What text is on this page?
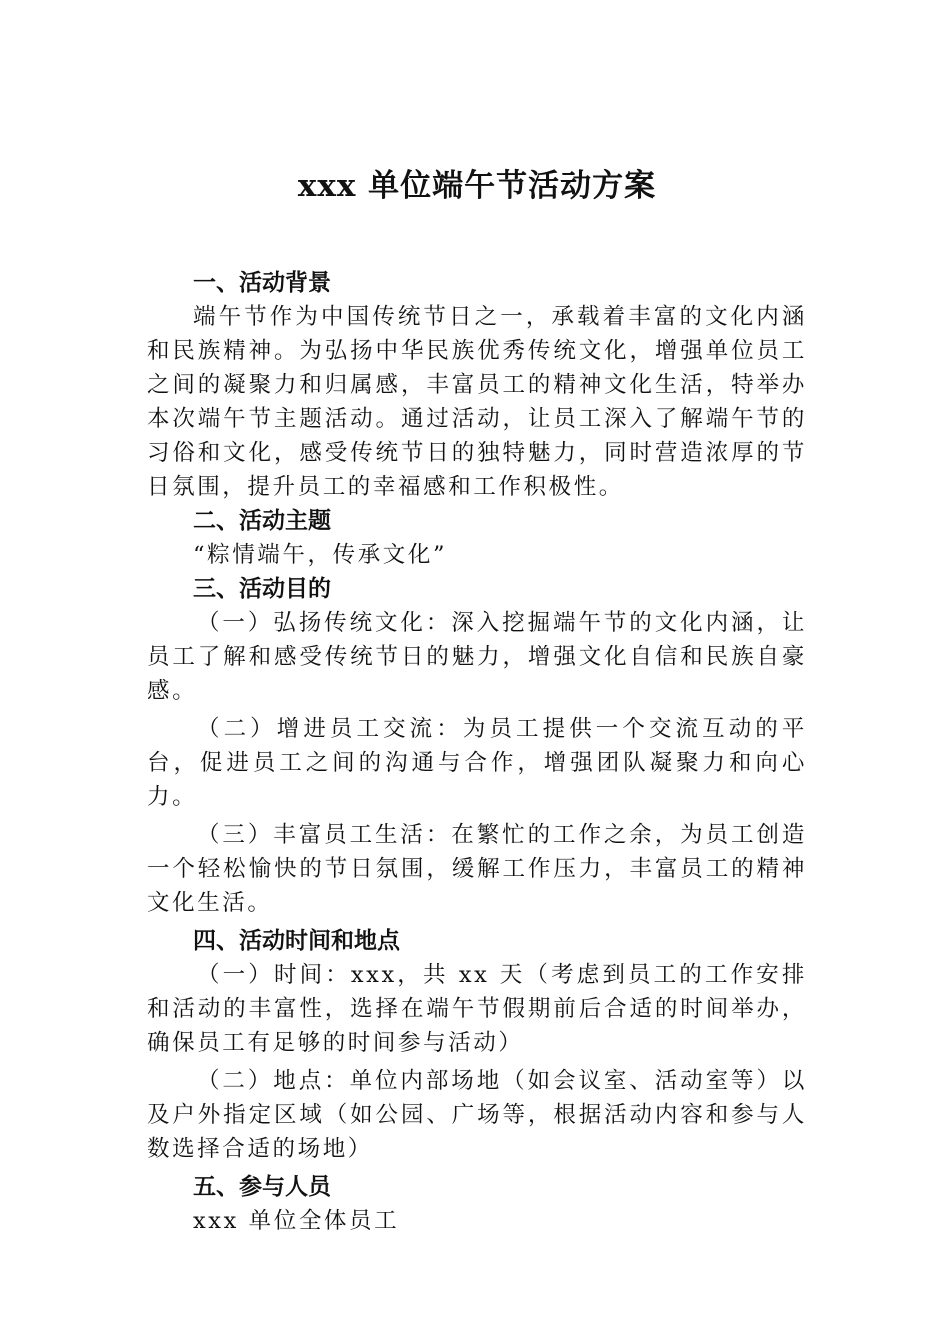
xxx 单位端午节活动方案
一、活动背景

端午节作为中国传统节日之一，承载着丰富的文化内涵和民族精神。为弘扬中华民族优秀传统文化，增强单位员工之间的凝聚力和归属感，丰富员工的精神文化生活，特举办本次端午节主题活动。通过活动，让员工深入了解端午节的习俗和文化，感受传统节日的独特魅力，同时营造浓厚的节日氛围，提升员工的幸福感和工作积极性。

二、活动主题

“粽情端午，传承文化”

三、活动目的

（一）弘扬传统文化：深入挖掘端午节的文化内涵，让员工了解和感受传统节日的魅力，增强文化自信和民族自豪感。

（二）增进员工交流：为员工提供一个交流互动的平台，促进员工之间的沟通与合作，增强团队凝聚力和向心力。

（三）丰富员工生活：在繁忙的工作之余，为员工创造一个轻松愉快的节日氛围，缓解工作压力，丰富员工的精神文化生活。

四、活动时间和地点

（一）时间：xxx，共 xx 天（考虑到员工的工作安排和活动的丰富性，选择在端午节假期前后合适的时间举办，确保员工有足够的时间参与活动）

（二）地点：单位内部场地（如会议室、活动室等）以及户外指定区域（如公园、广场等，根据活动内容和参与人数选择合适的场地）

五、参与人员

xxx 单位全体员工
